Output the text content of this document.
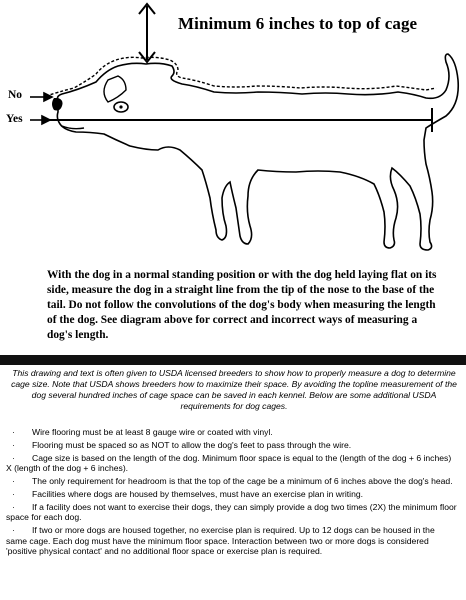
Minimum 6 inches to top of cage
No
Yes

With the dog in a normal standing position or with the dog held laying flat on its side, measure the dog in a straight line from the tip of the nose to the base of the tail. Do not follow the convolutions of the dog's body when measuring the length of the dog. See diagram above for correct and incorrect ways of measuring a dog's length.

This drawing and text is often given to USDA licensed breeders to show how to properly measure a dog to determine cage size. Note that USDA shows breeders how to maximize their space. By avoiding the topline measurement of the dog several hundred inches of cage space can be saved in each kennel. Below are some additional USDA requirements for dog cages.

· Wire flooring must be at least 8 gauge wire or coated with vinyl.
· Flooring must be spaced so as NOT to allow the dog's feet to pass through the wire.
· Cage size is based on the length of the dog. Minimum floor space is equal to the (length of the dog + 6 inches) X (length of the dog + 6 inches).
· The only requirement for headroom is that the top of the cage be a minimum of 6 inches above the dog's head.
· Facilities where dogs are housed by themselves, must have an exercise plan in writing.
· If a facility does not want to exercise their dogs, they can simply provide a dog two times (2X) the minimum floor space for each dog.
· If two or more dogs are housed together, no exercise plan is required. Up to 12 dogs can be housed in the same cage. Each dog must have the minimum floor space. Interaction between two or more dogs is considered 'positive physical contact' and no additional floor space or exercise plan is required.
